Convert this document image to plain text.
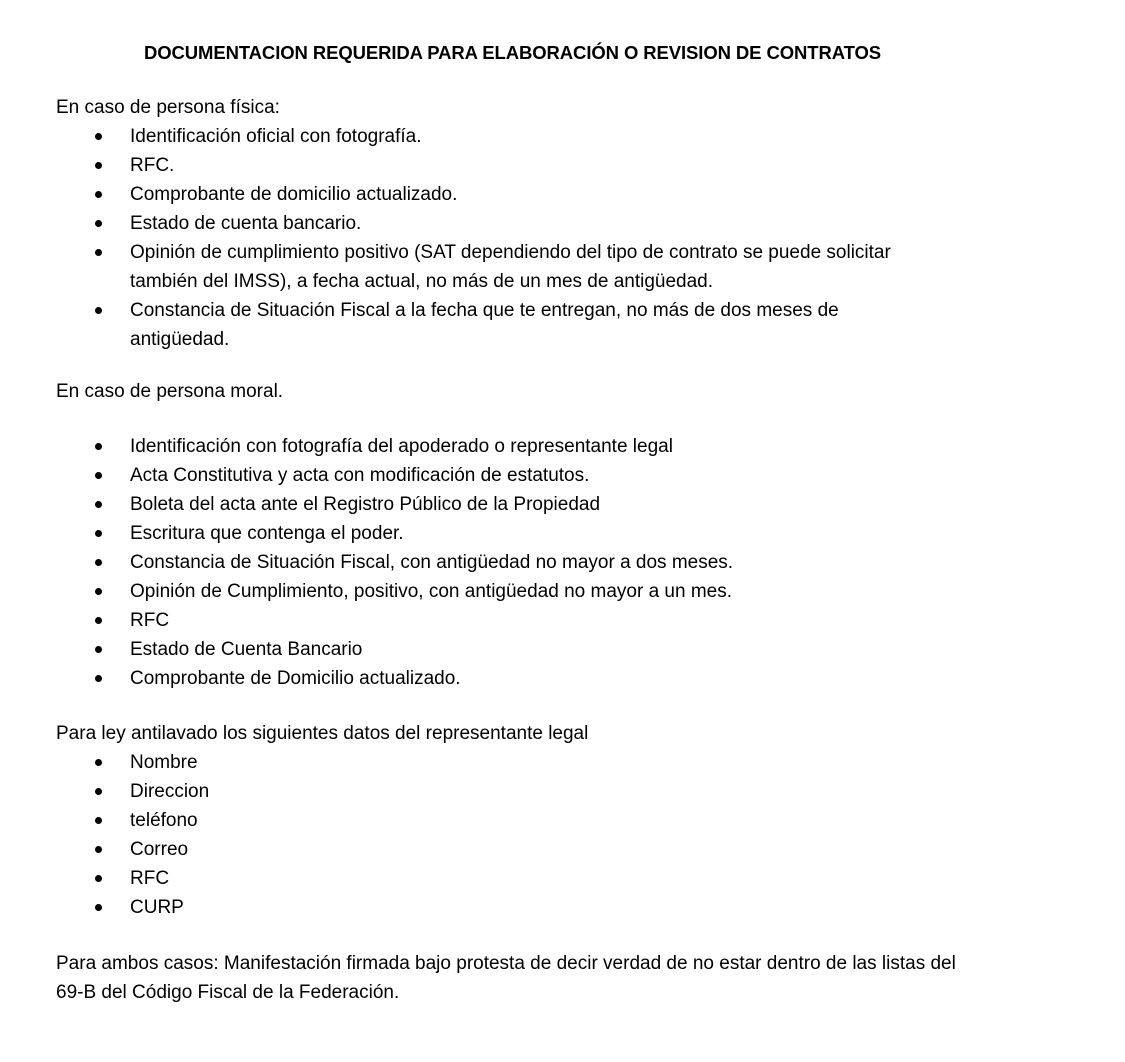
DOCUMENTACION REQUERIDA PARA ELABORACIÓN O REVISION DE CONTRATOS

En caso de persona física:

Identificación oficial con fotografía.
RFC.
Comprobante de domicilio actualizado.
Estado de cuenta bancario.
Opinión de cumplimiento positivo (SAT dependiendo del tipo de contrato se puede solicitar también del IMSS), a fecha actual, no más de un mes de antigüedad.
Constancia de Situación Fiscal a la fecha que te entregan, no más de dos meses de antigüedad.

En caso de persona moral.

Identificación con fotografía del apoderado o representante legal
Acta Constitutiva y acta con modificación de estatutos.
Boleta del acta ante el Registro Público de la Propiedad
Escritura que contenga el poder.
Constancia de Situación Fiscal, con antigüedad no mayor a dos meses.
Opinión de Cumplimiento, positivo, con antigüedad no mayor a un mes.
RFC
Estado de Cuenta Bancario
Comprobante de Domicilio actualizado.

Para ley antilavado los siguientes datos del representante legal

Nombre
Direccion
teléfono
Correo
RFC
CURP

Para ambos casos: Manifestación firmada bajo protesta de decir verdad de no estar dentro de las listas del 69-B del Código Fiscal de la Federación.
